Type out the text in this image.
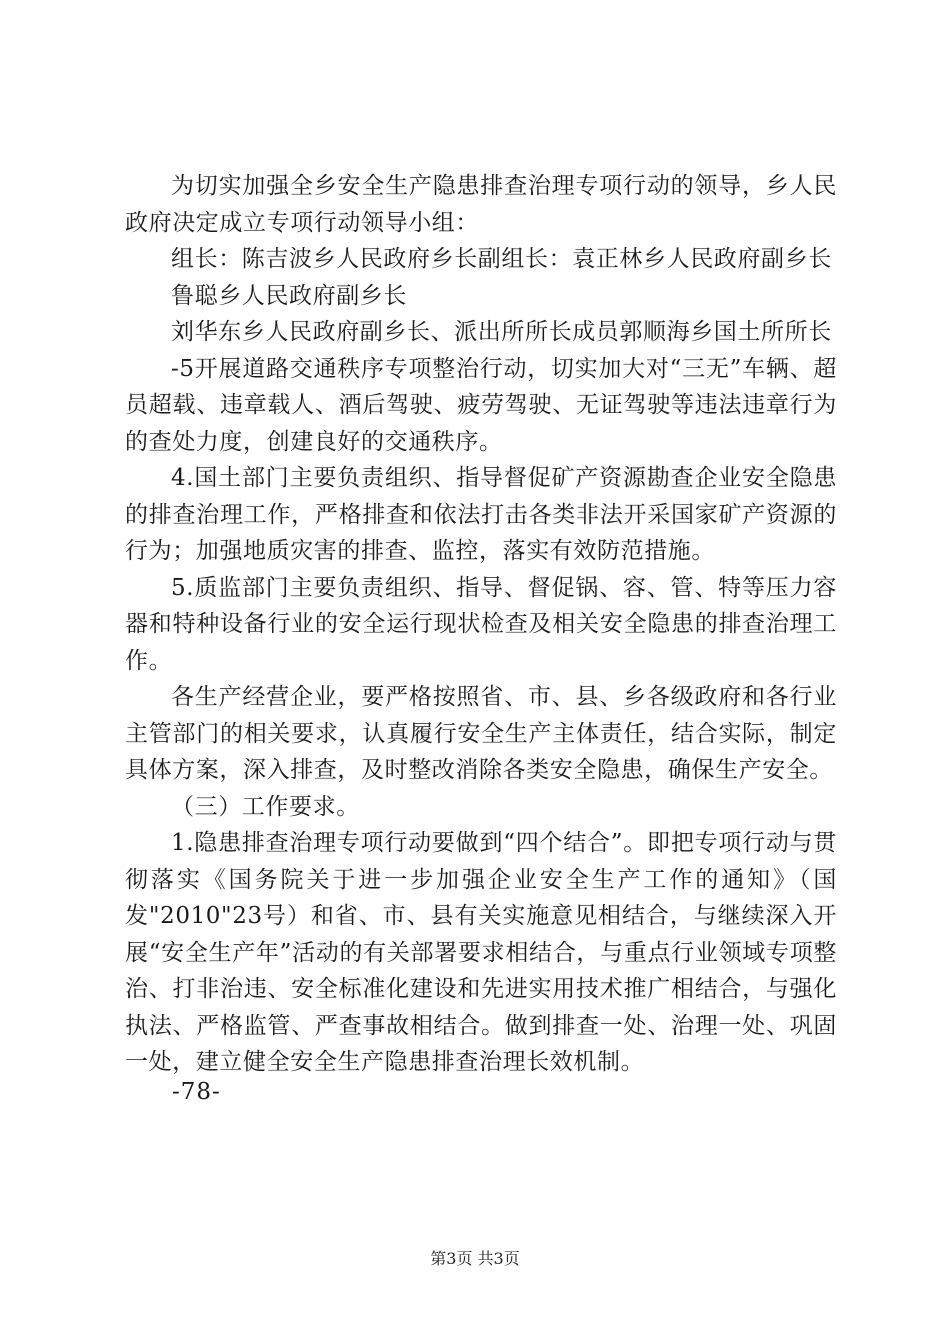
为切实加强全乡安全生产隐患排查治理专项行动的领导，乡人民政府决定成立专项行动领导小组：

组长：陈吉波乡人民政府乡长副组长：袁正林乡人民政府副乡长

鲁聪乡人民政府副乡长

刘华东乡人民政府副乡长、派出所所长成员郭顺海乡国土所所长

-5开展道路交通秩序专项整治行动，切实加大对“三无”车辆、超员超载、违章载人、酒后驾驶、疲劳驾驶、无证驾驶等违法违章行为的查处力度，创建良好的交通秩序。

4.国土部门主要负责组织、指导督促矿产资源勘查企业安全隐患的排查治理工作，严格排查和依法打击各类非法开采国家矿产资源的行为；加强地质灾害的排查、监控，落实有效防范措施。

5.质监部门主要负责组织、指导、督促锅、容、管、特等压力容器和特种设备行业的安全运行现状检查及相关安全隐患的排查治理工作。

各生产经营企业，要严格按照省、市、县、乡各级政府和各行业主管部门的相关要求，认真履行安全生产主体责任，结合实际，制定具体方案，深入排查，及时整改消除各类安全隐患，确保生产安全。

（三）工作要求。

1.隐患排查治理专项行动要做到“四个结合”。即把专项行动与贯彻落实《国务院关于进一步加强企业安全生产工作的通知》（国发"2010"23号）和省、市、县有关实施意见相结合，与继续深入开展“安全生产年”活动的有关部署要求相结合，与重点行业领域专项整治、打非治违、安全标准化建设和先进实用技术推广相结合，与强化执法、严格监管、严查事故相结合。做到排查一处、治理一处、巩固一处，建立健全安全生产隐患排查治理长效机制。

-78-
第3页 共3页
